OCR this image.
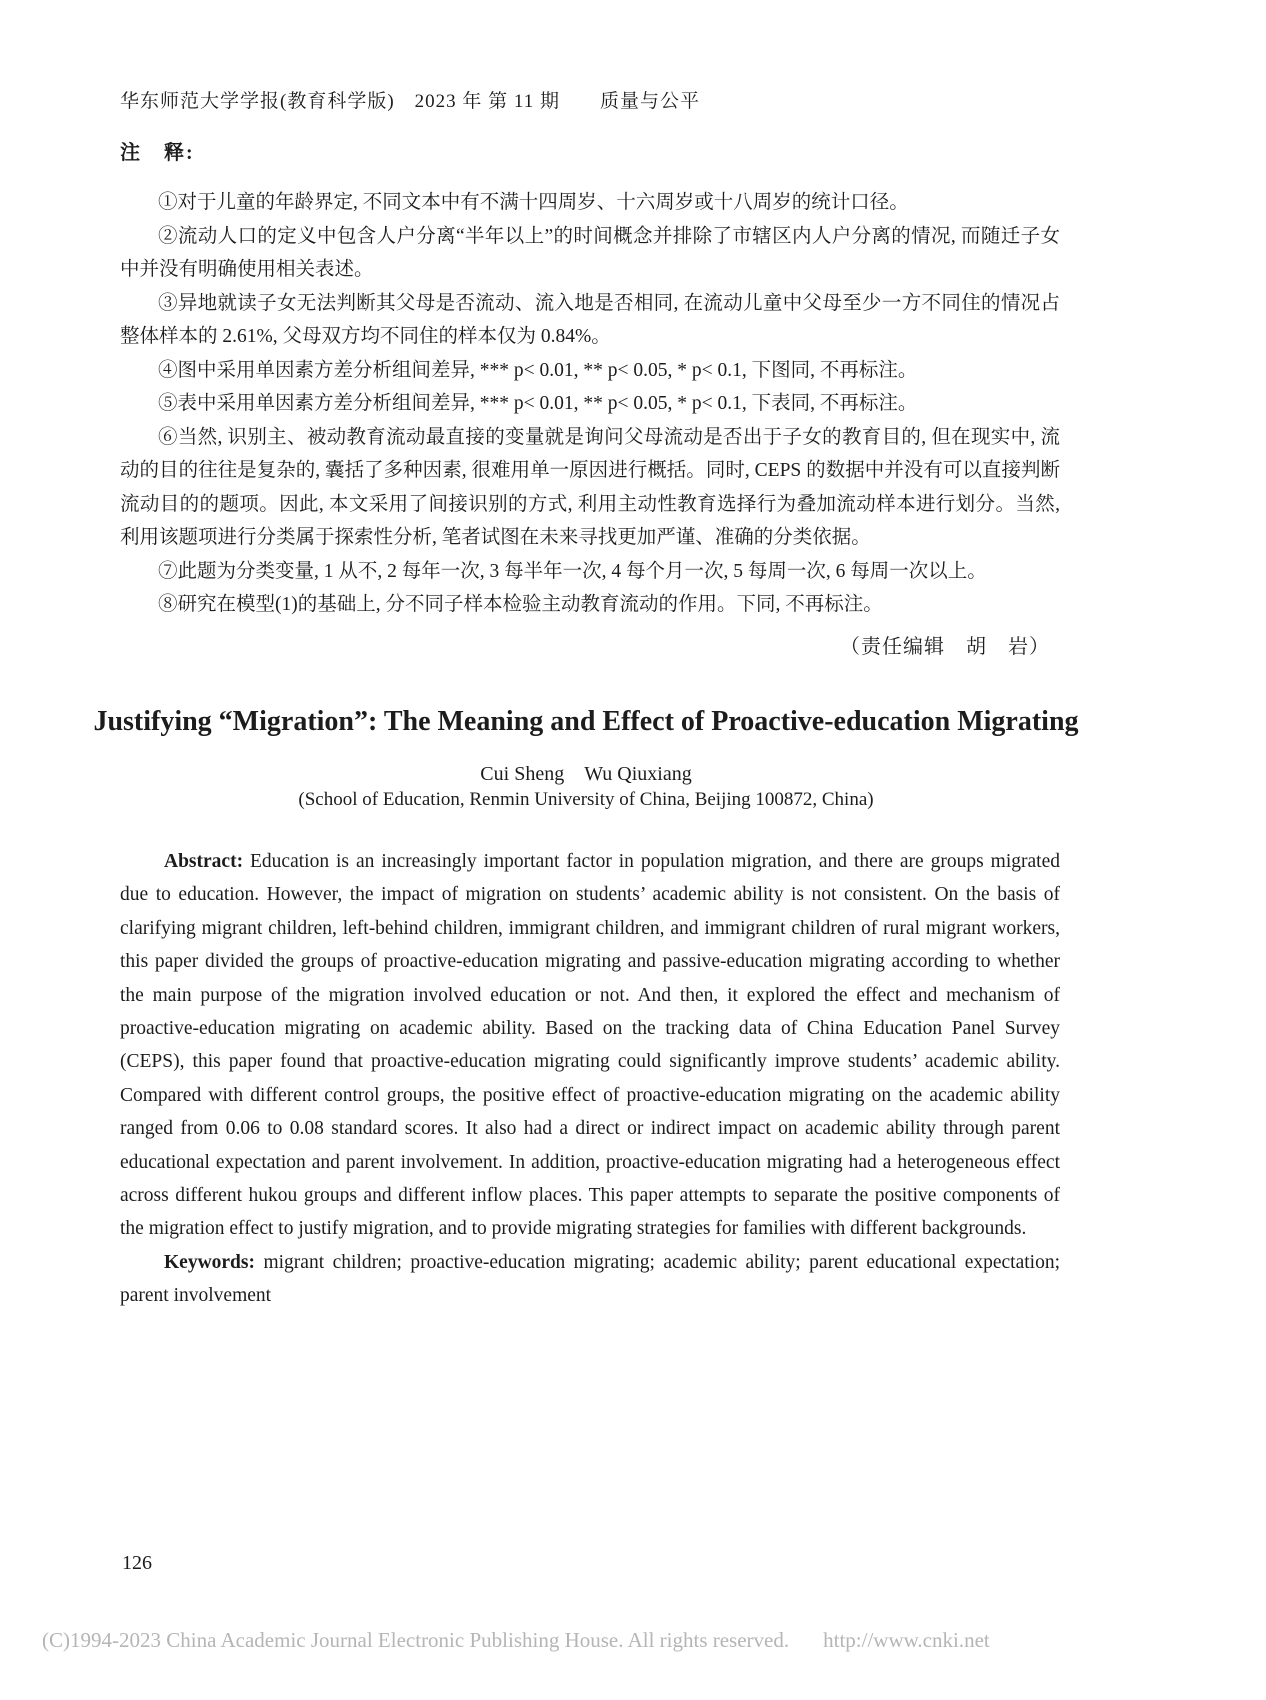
华东师范大学学报(教育科学版)　2023 年 第 11 期　　质量与公平
注　释:

①对于儿童的年龄界定, 不同文本中有不满十四周岁、十六周岁或十八周岁的统计口径。

②流动人口的定义中包含人户分离“半年以上”的时间概念并排除了市辖区内人户分离的情况, 而随迁子女中并没有明确使用相关表述。

③异地就读子女无法判断其父母是否流动、流入地是否相同, 在流动儿童中父母至少一方不同住的情况占整体样本的 2.61%, 父母双方均不同住的样本仅为 0.84%。

④图中采用单因素方差分析组间差异, *** p< 0.01, ** p< 0.05, * p< 0.1, 下图同, 不再标注。

⑤表中采用单因素方差分析组间差异, *** p< 0.01, ** p< 0.05, * p< 0.1, 下表同, 不再标注。

⑥当然, 识别主、被动教育流动最直接的变量就是询问父母流动是否出于子女的教育目的, 但在现实中, 流动的目的往往是复杂的, 囊括了多种因素, 很难用单一原因进行概括。同时, CEPS 的数据中并没有可以直接判断流动目的的题项。因此, 本文采用了间接识别的方式, 利用主动性教育选择行为叠加流动样本进行划分。当然, 利用该题项进行分类属于探索性分析, 笔者试图在未来寻找更加严谨、准确的分类依据。

⑦此题为分类变量, 1 从不, 2 每年一次, 3 每半年一次, 4 每个月一次, 5 每周一次, 6 每周一次以上。

⑧研究在模型(1)的基础上, 分不同子样本检验主动教育流动的作用。下同, 不再标注。

（责任编辑　胡　岩）
Justifying “Migration”: The Meaning and Effect of Proactive-education Migrating
Cui Sheng　Wu Qiuxiang
(School of Education, Renmin University of China, Beijing 100872, China)

Abstract: Education is an increasingly important factor in population migration, and there are groups migrated due to education. However, the impact of migration on students’ academic ability is not consistent. On the basis of clarifying migrant children, left-behind children, immigrant children, and immigrant children of rural migrant workers, this paper divided the groups of proactive-education migrating and passive-education migrating according to whether the main purpose of the migration involved education or not. And then, it explored the effect and mechanism of proactive-education migrating on academic ability. Based on the tracking data of China Education Panel Survey (CEPS), this paper found that proactive-education migrating could significantly improve students’ academic ability. Compared with different control groups, the positive effect of proactive-education migrating on the academic ability ranged from 0.06 to 0.08 standard scores. It also had a direct or indirect impact on academic ability through parent educational expectation and parent involvement. In addition, proactive-education migrating had a heterogeneous effect across different hukou groups and different inflow places. This paper attempts to separate the positive components of the migration effect to justify migration, and to provide migrating strategies for families with different backgrounds.

Keywords: migrant children; proactive-education migrating; academic ability; parent educational expectation; parent involvement

126
(C)1994-2023 China Academic Journal Electronic Publishing House. All rights reserved. http://www.cnki.net
